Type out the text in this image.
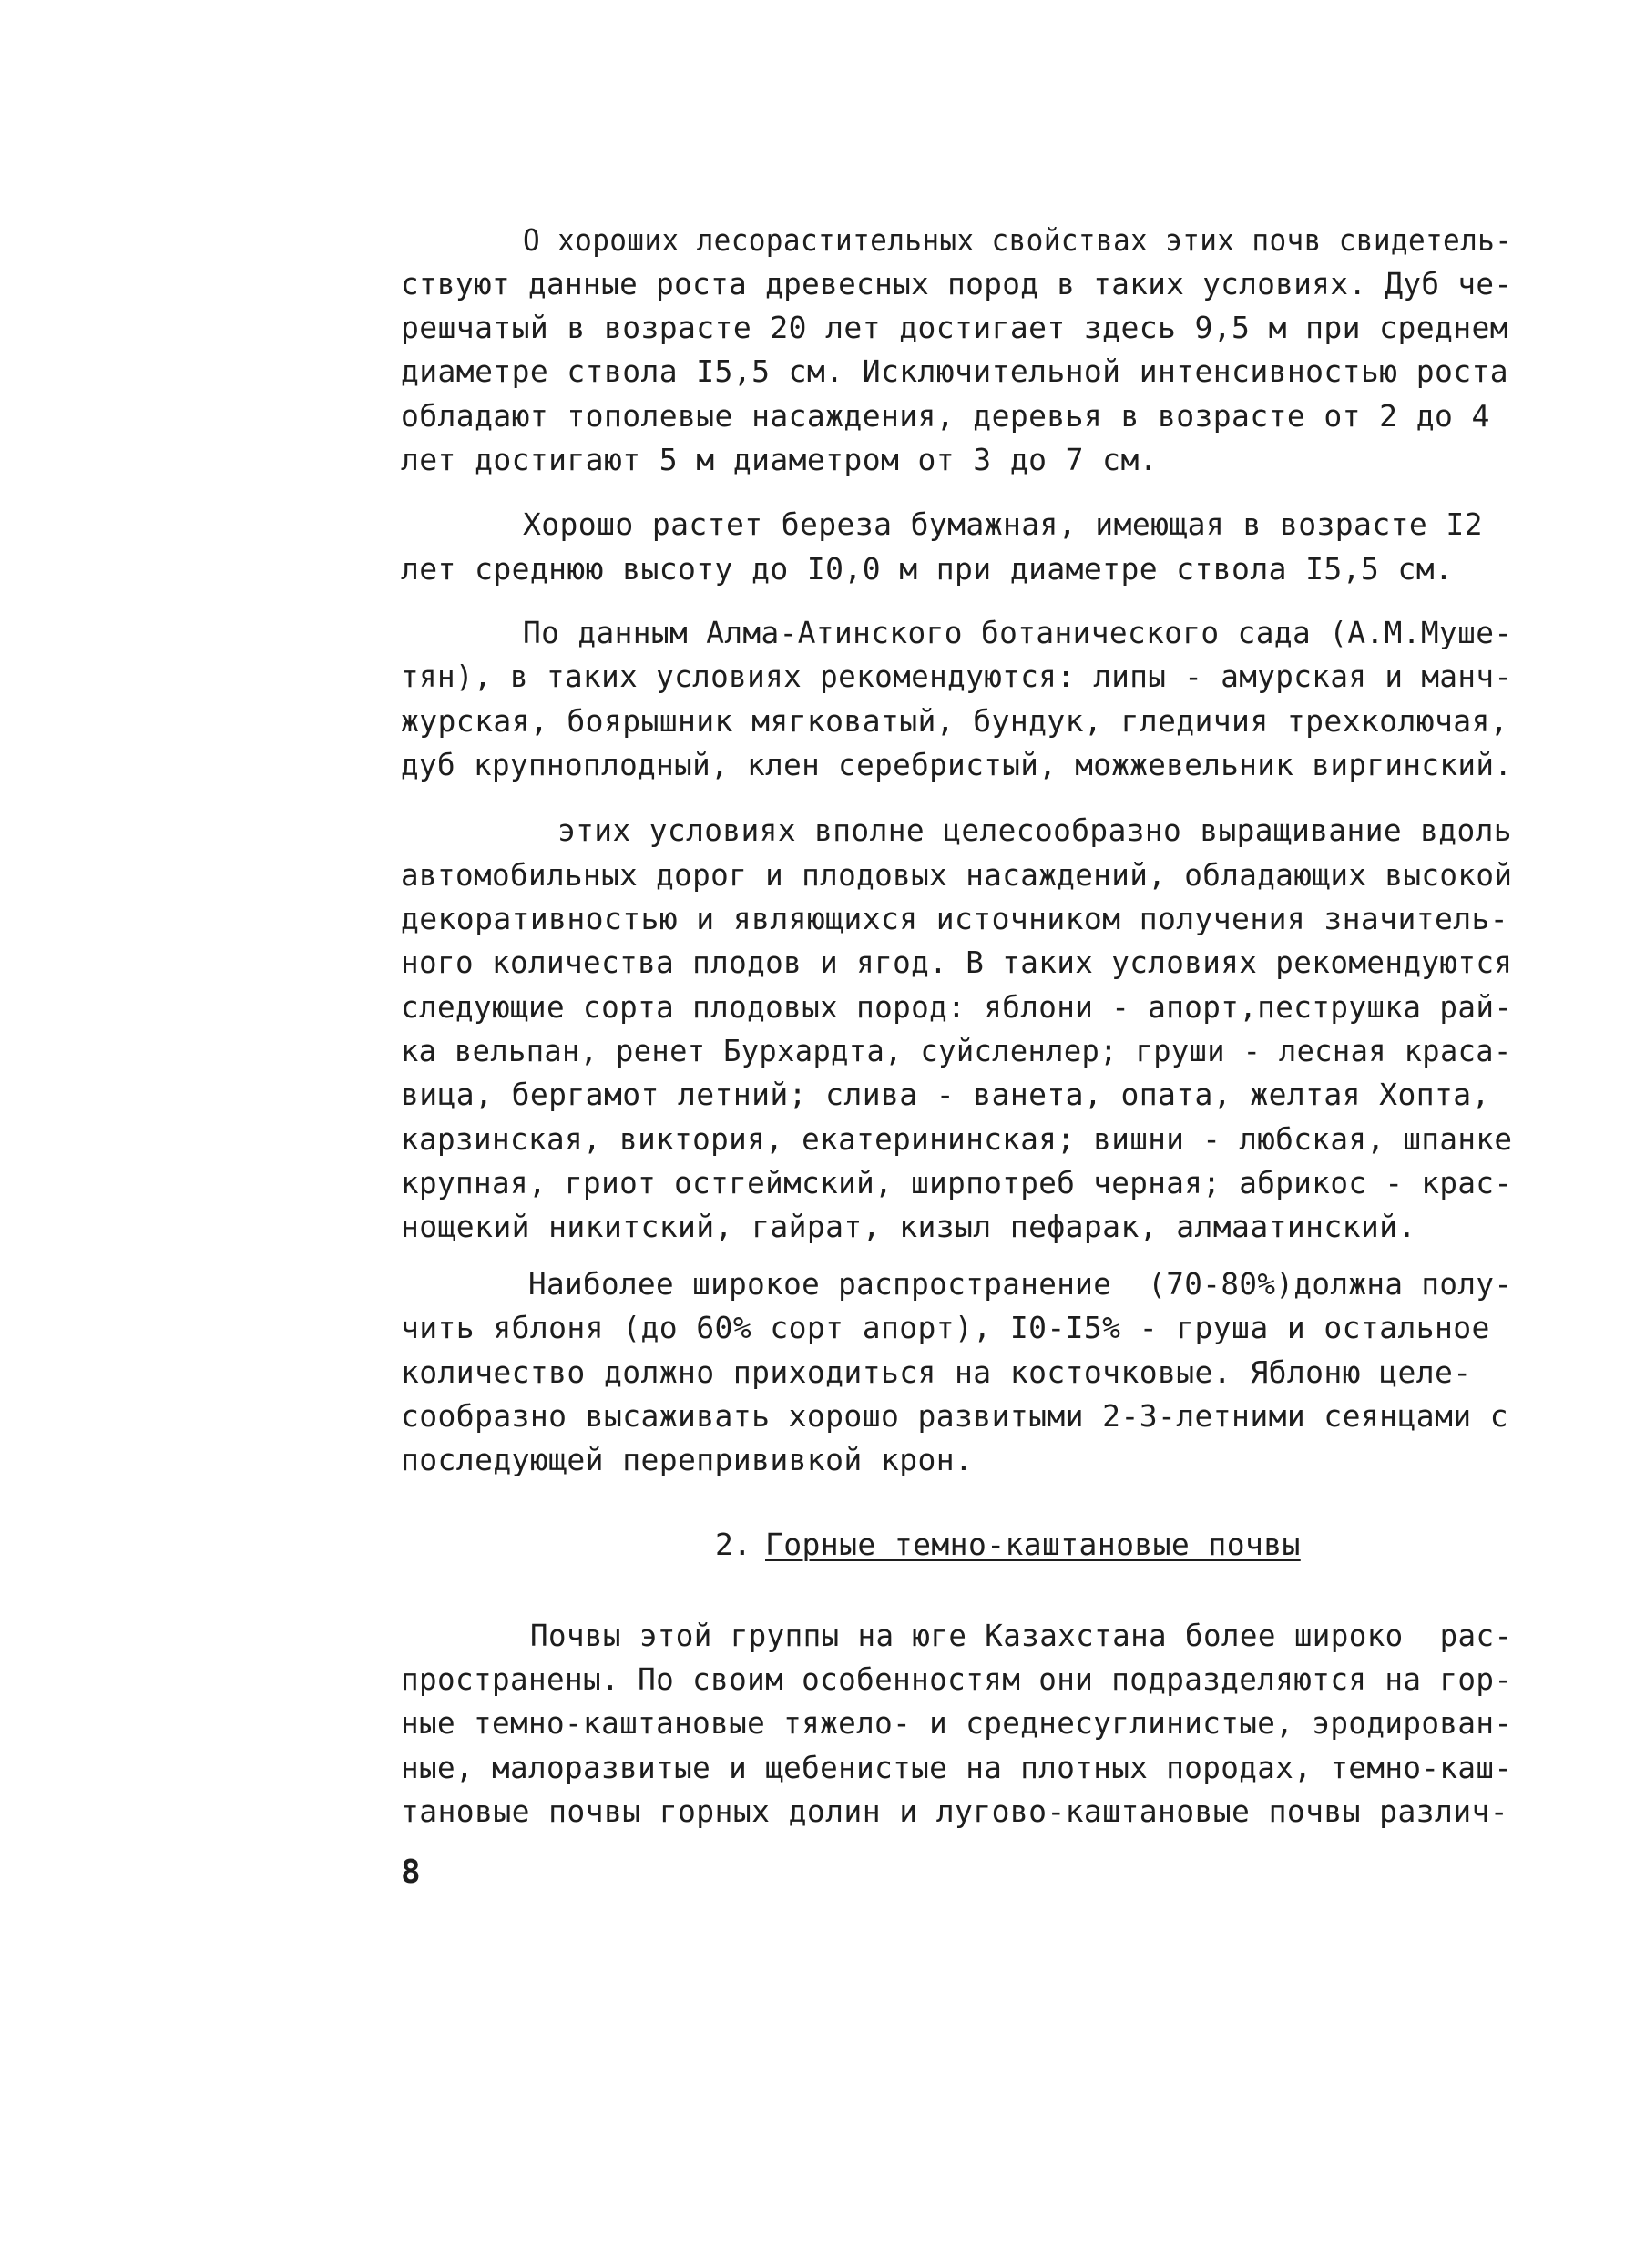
О хороших лесорастительных свойствах этих почв свидетель-
ствуют данные роста древесных пород в таких условиях. Дуб че-
решчатый в возрасте 20 лет достигает здесь 9,5 м при среднем
диаметре ствола I5,5 см. Исключительной интенсивностью роста
обладают тополевые насаждения, деревья в возрасте от 2 до 4
лет достигают 5 м диаметром от 3 до 7 см.
Хорошо растет береза бумажная, имеющая в возрасте I2
лет среднюю высоту до I0,0 м при диаметре ствола I5,5 см.
По данным Алма-Атинского ботанического сада (А.М.Муше-
тян), в таких условиях рекомендуются: липы - амурская и манч-
журская, боярышник мягковатый, бундук, гледичия трехколючая,
дуб крупноплодный, клен серебристый, можжевельник виргинский.
этих условиях вполне целесообразно выращивание вдоль
автомобильных дорог и плодовых насаждений, обладающих высокой
декоративностью и являющихся источником получения значитель-
ного количества плодов и ягод. В таких условиях рекомендуются
следующие сорта плодовых пород: яблони - апорт,пеструшка рай-
ка вельпан, ренет Бурхардта, суйсленлер; груши - лесная краса-
вица, бергамот летний; слива - ванета, опата, желтая Хопта,
карзинская, виктория, екатерининская; вишни - любская, шпанке
крупная, гриот остгеймский, ширпотреб черная; абрикос - крас-
нощекий никитский, гайрат, кизыл пефарак, алмаатинский.
Наиболее широкое распространение  (70-80%)должна полу-
чить яблоня (до 60% сорт апорт), I0-I5% - груша и остальное
количество должно приходиться на косточковые. Яблоню целе-
сообразно высаживать хорошо развитыми 2-3-летними сеянцами с
последующей перепрививкой крон.
2. Горные темно-каштановые почвы
Почвы этой группы на юге Казахстана более широко  рас-
пространены. По своим особенностям они подразделяются на гор-
ные темно-каштановые тяжело- и среднесуглинистые, эродирован-
ные, малоразвитые и щебенистые на плотных породах, темно-каш-
тановые почвы горных долин и лугово-каштановые почвы различ-
8
